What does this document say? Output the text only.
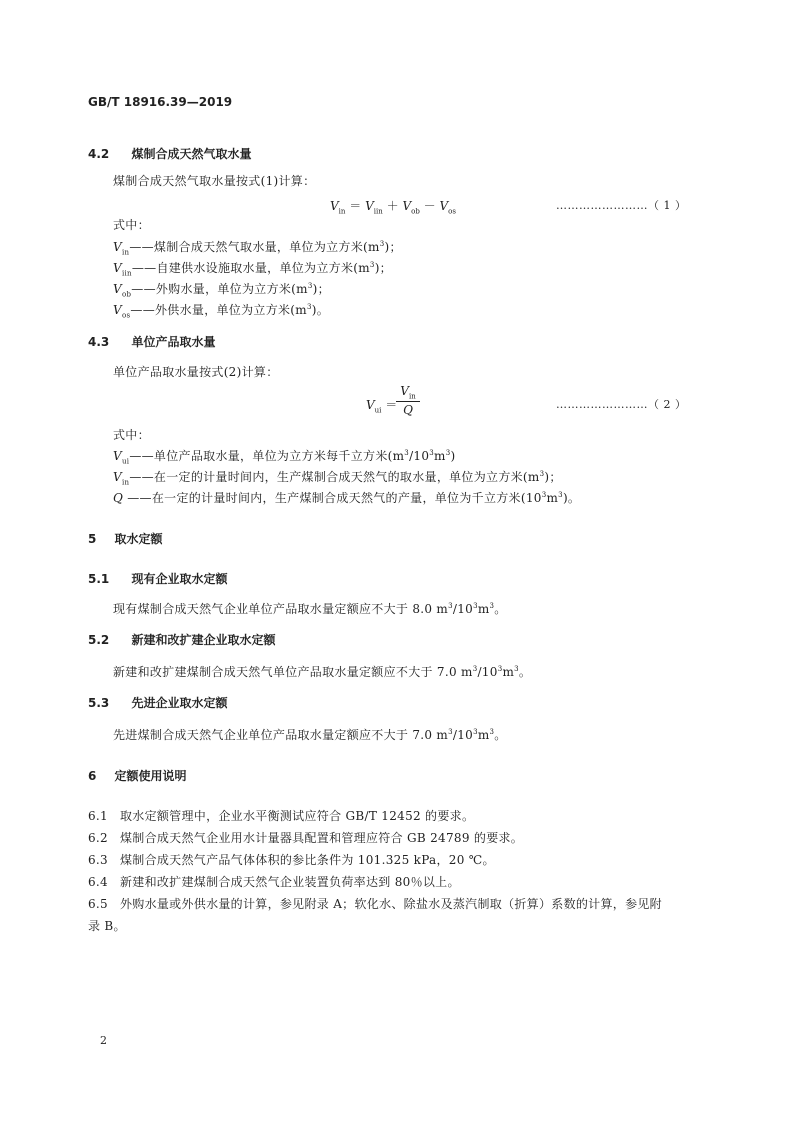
GB/T 18916.39—2019
4.2 煤制合成天然气取水量
煤制合成天然气取水量按式(1)计算：
$V_{in} = V_{iin} + V_{ob} - V_{os}$	……………………（ 1 ）
式中：
$V_{in}——$煤制合成天然气取水量，单位为立方米$(m^3)$；
$V_{iin}——$自建供水设施取水量，单位为立方米$(m^3)$；
$V_{ob}——$外购水量，单位为立方米$(m^3)$；
$V_{os}——$外供水量，单位为立方米$(m^3)$。
4.3 单位产品取水量
单位产品取水量按式(2)计算：
$V_{ui}$ ＝
$V_{in}$
Q	……………………（ 2 ）
式中：
$V_{ui}——$单位产品取水量，单位为立方米每千立方米$(m^3/10^3m^3)$
$V_{in}——$在一定的计量时间内，生产煤制合成天然气的取水量，单位为立方米$(m^3)$；
Q ——在一定的计量时间内，生产煤制合成天然气的产量，单位为千立方米$(10^3m^3)$。
5 取水定额
5.1 现有企业取水定额
现有煤制合成天然气企业单位产品取水量定额应不大于 8.0 $m^3/10^3m^3$。
5.2 新建和改扩建企业取水定额
新建和改扩建煤制合成天然气单位产品取水量定额应不大于 7.0 $m^3/10^3m^3$。
5.3 先进企业取水定额
先进煤制合成天然气企业单位产品取水量定额应不大于 7.0 $m^3/10^3m^3$。
6 定额使用说明
6.1 取水定额管理中，企业水平衡测试应符合 GB/T 12452 的要求。
6.2 煤制合成天然气企业用水计量器具配置和管理应符合 GB 24789 的要求。
6.3 煤制合成天然气产品气体体积的参比条件为 101.325 kPa，20 ℃。
6.4 新建和改扩建煤制合成天然气企业装置负荷率达到 80％以上。
6.5 外购水量或外供水量的计算，参见附录 A；软化水、除盐水及蒸汽制取（折算）系数的计算，参见附
录 B。
2
